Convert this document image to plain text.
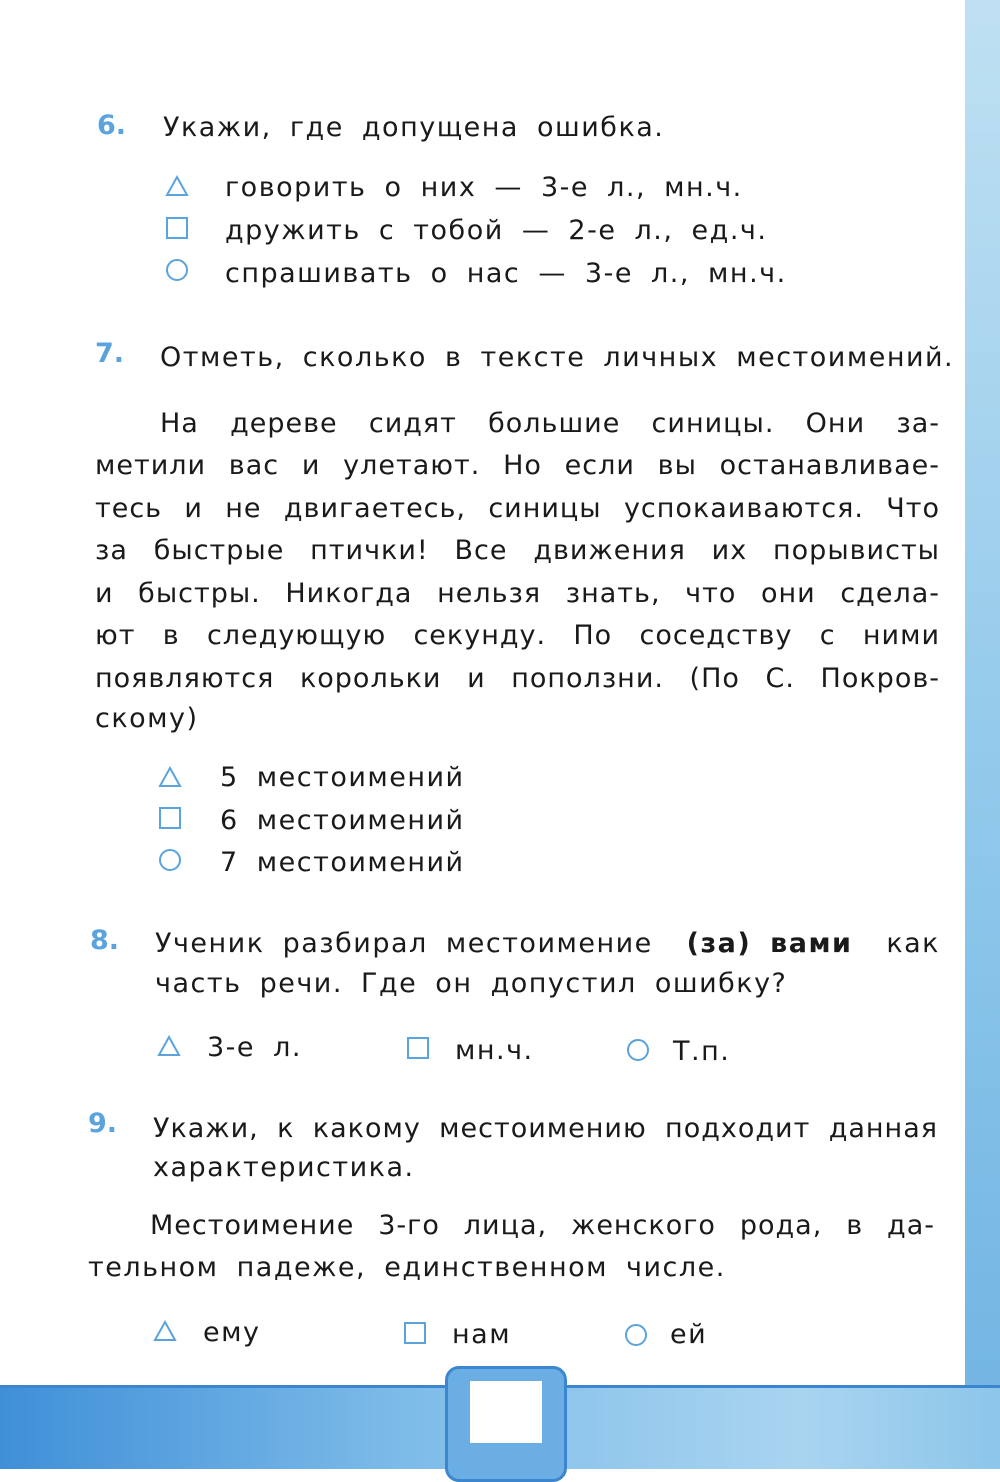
6. Укажи, где допущена ошибка.
говорить о них — 3-е л., мн.ч.
дружить с тобой — 2-е л., ед.ч.
спрашивать о нас — 3-е л., мн.ч.
7. Отметь, сколько в тексте личных местоимений.
На дереве сидят большие синицы. Они за-
метили вас и улетают. Но если вы останавливае-
тесь и не двигаетесь, синицы успокаиваются. Что
за быстрые птички! Все движения их порывисты
и быстры. Никогда нельзя знать, что они сдела-
ют в следующую секунду. По соседству с ними
появляются корольки и поползни. (По С. Покров-
скому)
5 местоимений
6 местоимений
7 местоимений
8. Ученик разбирал местоимение (за) вами как
часть речи. Где он допустил ошибку?
3-е л.	мн.ч.	Т.п.
9. Укажи, к какому местоимению подходит данная
характеристика.
Местоимение 3-го лица, женского рода, в да-
тельном падеже, единственном числе.
ему	нам	ей
